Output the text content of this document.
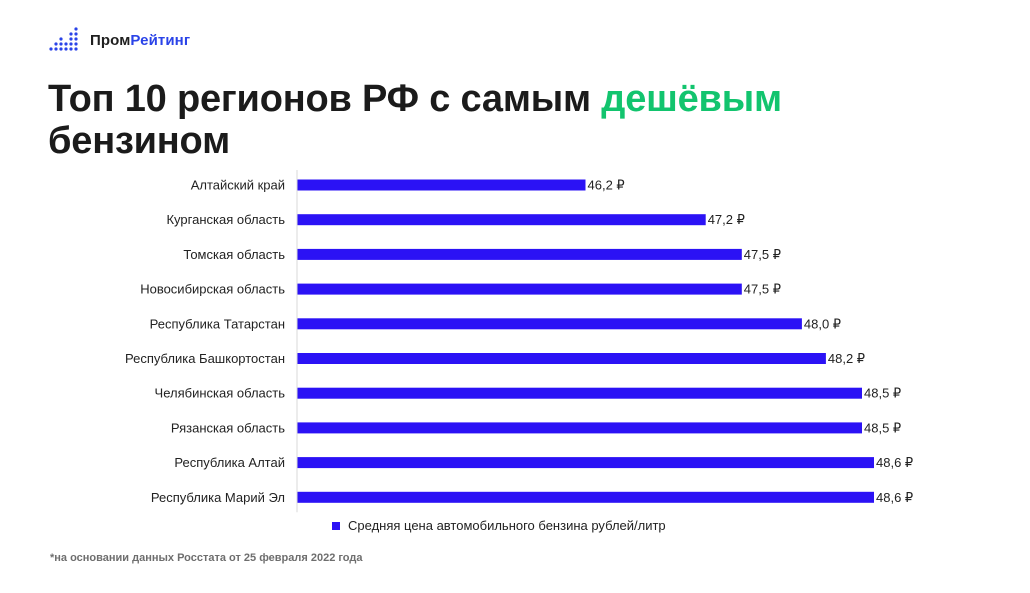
ПромРейтинг
Топ 10 регионов РФ с самым дешёвым
бензином
Алтайский край	46,2 ₽
Курганская область	47,2 ₽
Томская область	47,5 ₽
Новосибирская область	47,5 ₽
Республика Татарстан	48,0 ₽
Республика Башкортостан	48,2 ₽
Челябинская область	48,5 ₽
Рязанская область	48,5 ₽
Республика Алтай	48,6 ₽
Республика Марий Эл	48,6 ₽
Средняя цена автомобильного бензина рублей/литр
*на основании данных Росстата от 25 февраля 2022 года
